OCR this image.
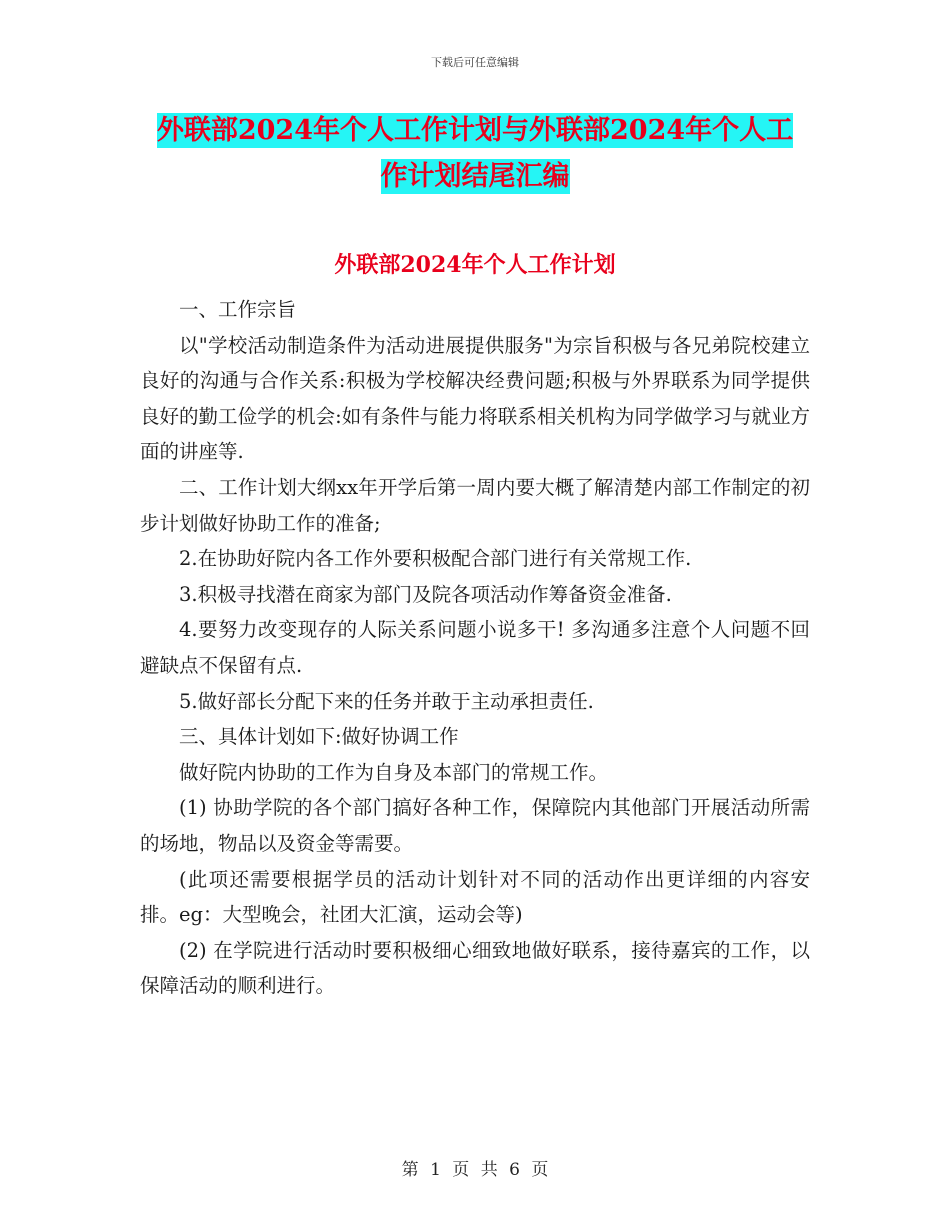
下载后可任意编辑
外联部2024年个人工作计划与外联部2024年个人工
作计划结尾汇编
外联部2024年个人工作计划

一、工作宗旨

以"学校活动制造条件为活动进展提供服务"为宗旨积极与各兄弟院校建立良好的沟通与合作关系:积极为学校解决经费问题;积极与外界联系为同学提供良好的勤工俭学的机会:如有条件与能力将联系相关机构为同学做学习与就业方面的讲座等.

二、工作计划大纲xx年开学后第一周内要大概了解清楚内部工作制定的初步计划做好协助工作的准备;

2.在协助好院内各工作外要积极配合部门进行有关常规工作.

3.积极寻找潜在商家为部门及院各项活动作筹备资金准备.

4.要努力改变现存的人际关系问题小说多干! 多沟通多注意个人问题不回避缺点不保留有点.

5.做好部长分配下来的任务并敢于主动承担责任.

三、具体计划如下:做好协调工作

做好院内协助的工作为自身及本部门的常规工作。

(1) 协助学院的各个部门搞好各种工作，保障院内其他部门开展活动所需的场地，物品以及资金等需要。

(此项还需要根据学员的活动计划针对不同的活动作出更详细的内容安排。eg：大型晚会，社团大汇演，运动会等)

(2) 在学院进行活动时要积极细心细致地做好联系，接待嘉宾的工作，以保障活动的顺利进行。

第 1 页 共 6 页
